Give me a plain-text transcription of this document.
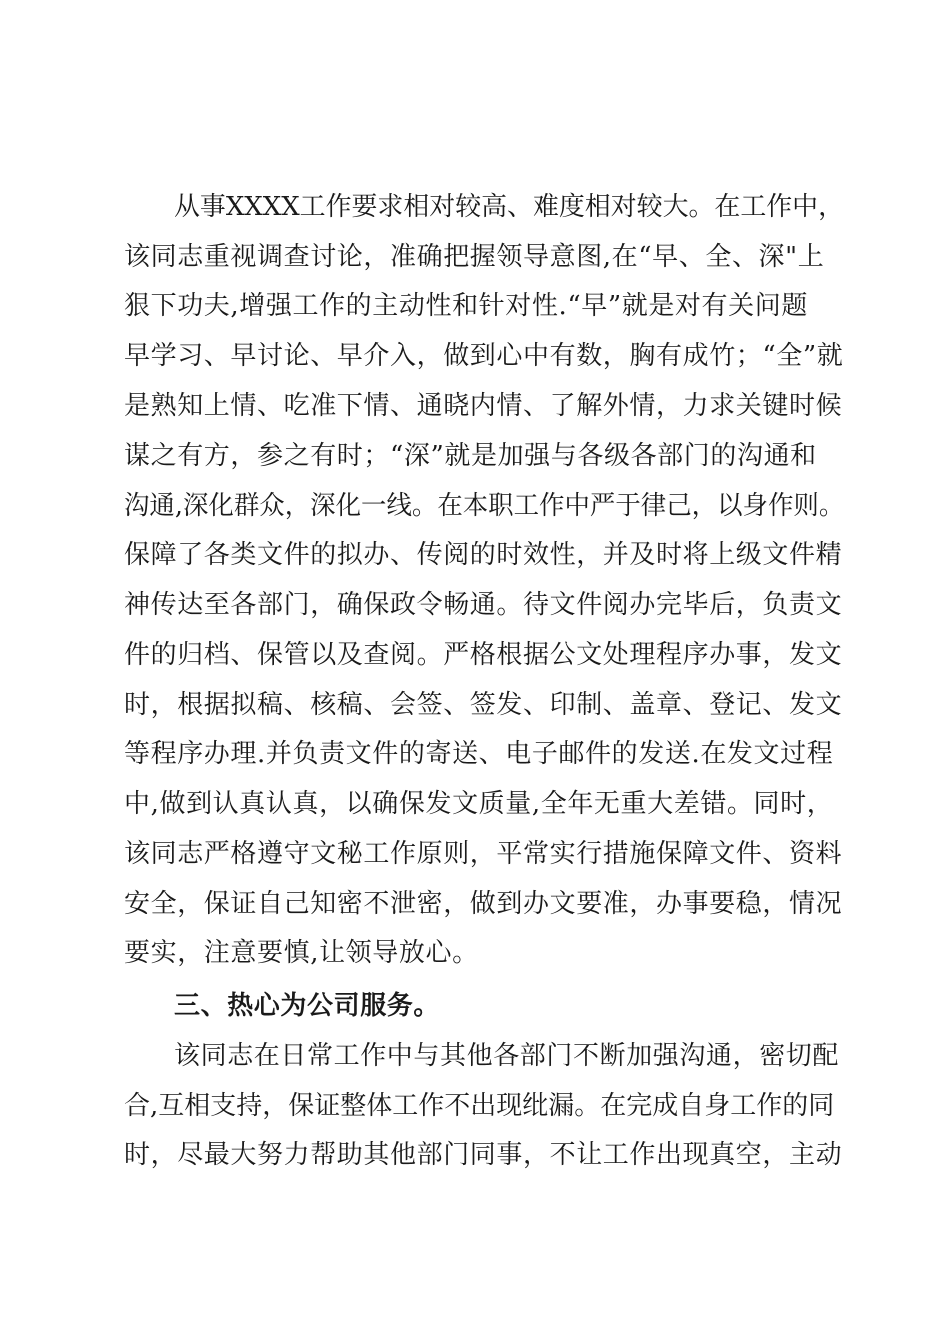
从事XXXX工作要求相对较高、难度相对较大。在工作中，
该同志重视调查讨论，准确把握领导意图,在“早、全、深"上
狠下功夫,增强工作的主动性和针对性.“早”就是对有关问题
早学习、早讨论、早介入，做到心中有数，胸有成竹；“全”就
是熟知上情、吃准下情、通晓内情、了解外情，力求关键时候
谋之有方，参之有时；“深”就是加强与各级各部门的沟通和
沟通,深化群众，深化一线。在本职工作中严于律己，以身作则。
保障了各类文件的拟办、传阅的时效性，并及时将上级文件精
神传达至各部门，确保政令畅通。待文件阅办完毕后，负责文
件的归档、保管以及查阅。严格根据公文处理程序办事，发文
时，根据拟稿、核稿、会签、签发、印制、盖章、登记、发文
等程序办理.并负责文件的寄送、电子邮件的发送.在发文过程
中,做到认真认真，以确保发文质量,全年无重大差错。同时，
该同志严格遵守文秘工作原则，平常实行措施保障文件、资料
安全，保证自己知密不泄密，做到办文要准，办事要稳，情况
要实，注意要慎,让领导放心。
三、热心为公司服务。
该同志在日常工作中与其他各部门不断加强沟通，密切配
合,互相支持，保证整体工作不出现纰漏。在完成自身工作的同
时，尽最大努力帮助其他部门同事，不让工作出现真空，主动
